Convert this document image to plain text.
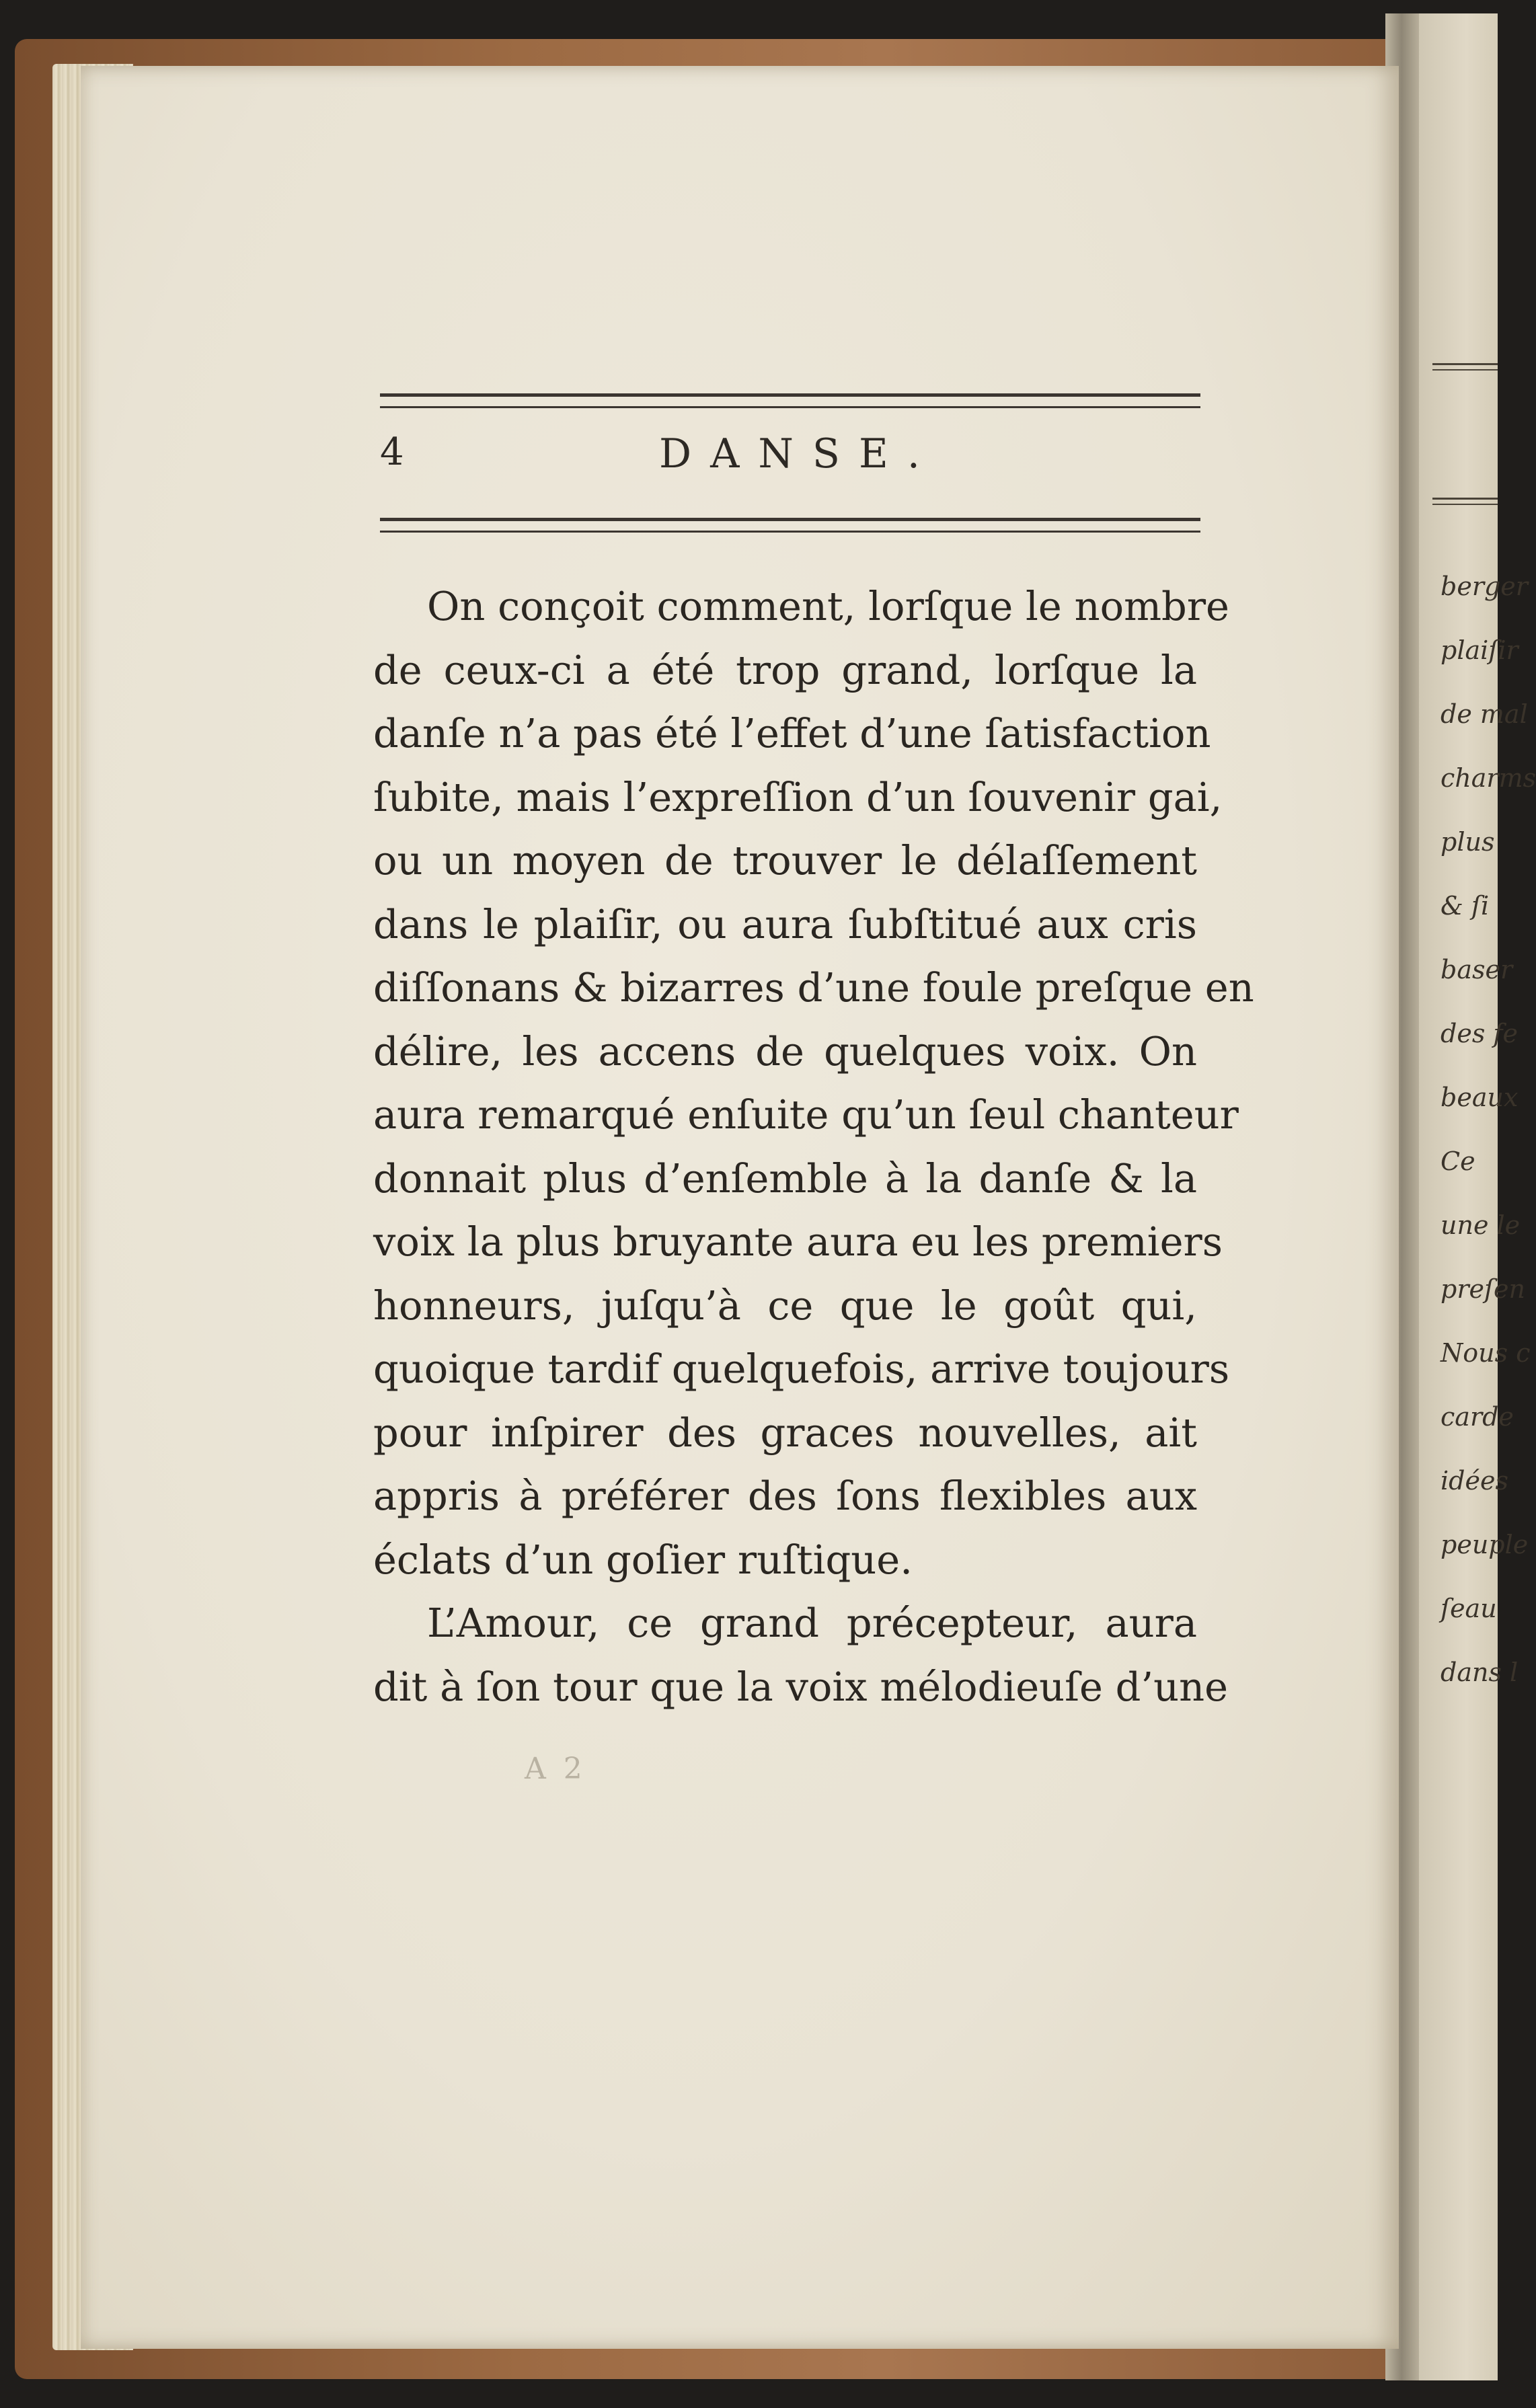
berger
plaiſir
de mal
charms
plus
& ſi
baser
des fe
beaux
Ce
une le
preſen
Nous c
carde
idées
peuple
ſeau
dans l
4	DANSE.
On conçoit comment, lorſque le nombre
de ceux-ci a été trop grand, lorſque la
danſe n’a pas été l’effet d’une ſatisfaction
ſubite, mais l’expreſſion d’un ſouvenir gai,
ou un moyen de trouver le délaſſement
dans le plaiſir, ou aura ſubſtitué aux cris
diſſonans & bizarres d’une foule preſque en
délire, les accens de quelques voix. On
aura remarqué enſuite qu’un ſeul chanteur
donnait plus d’enſemble à la danſe & la
voix la plus bruyante aura eu les premiers
honneurs, juſqu’à ce que le goût qui,
quoique tardif quelquefois, arrive toujours
pour inſpirer des graces nouvelles, ait
appris à préférer des ſons flexibles aux
éclats d’un goſier ruſtique.
L’Amour, ce grand précepteur, aura
dit à ſon tour que la voix mélodieuſe d’une
A 2
